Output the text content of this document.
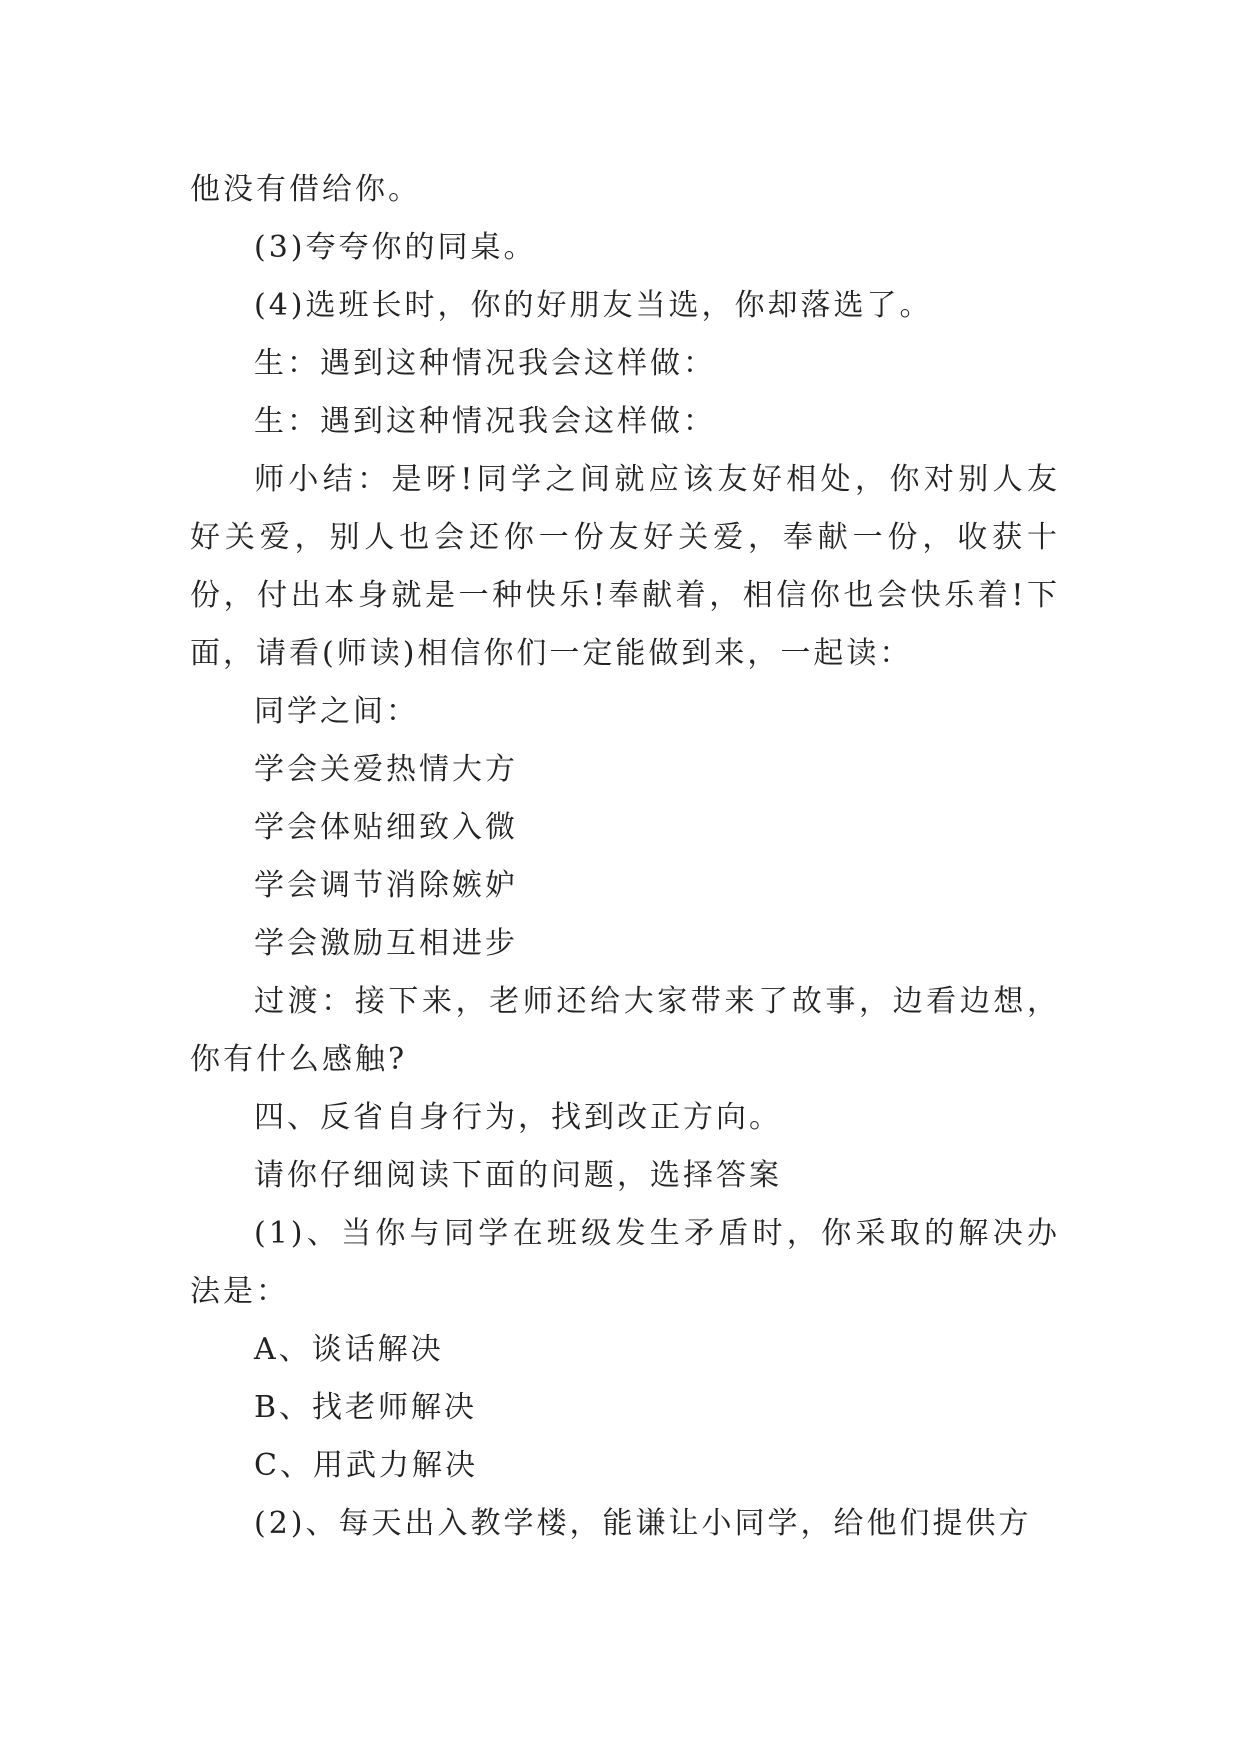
他没有借给你。

(3)夸夸你的同桌。

(4)选班长时，你的好朋友当选，你却落选了。

生：遇到这种情况我会这样做：

生：遇到这种情况我会这样做：

师小结：是呀!同学之间就应该友好相处，你对别人友好关爱，别人也会还你一份友好关爱，奉献一份，收获十份，付出本身就是一种快乐!奉献着，相信你也会快乐着!下面，请看(师读)相信你们一定能做到来，一起读：

同学之间：

学会关爱热情大方

学会体贴细致入微

学会调节消除嫉妒

学会激励互相进步

过渡：接下来，老师还给大家带来了故事，边看边想，你有什么感触?

四、反省自身行为，找到改正方向。

请你仔细阅读下面的问题，选择答案

(1)、当你与同学在班级发生矛盾时，你采取的解决办法是：

A、谈话解决

B、找老师解决

C、用武力解决

(2)、每天出入教学楼，能谦让小同学，给他们提供方
